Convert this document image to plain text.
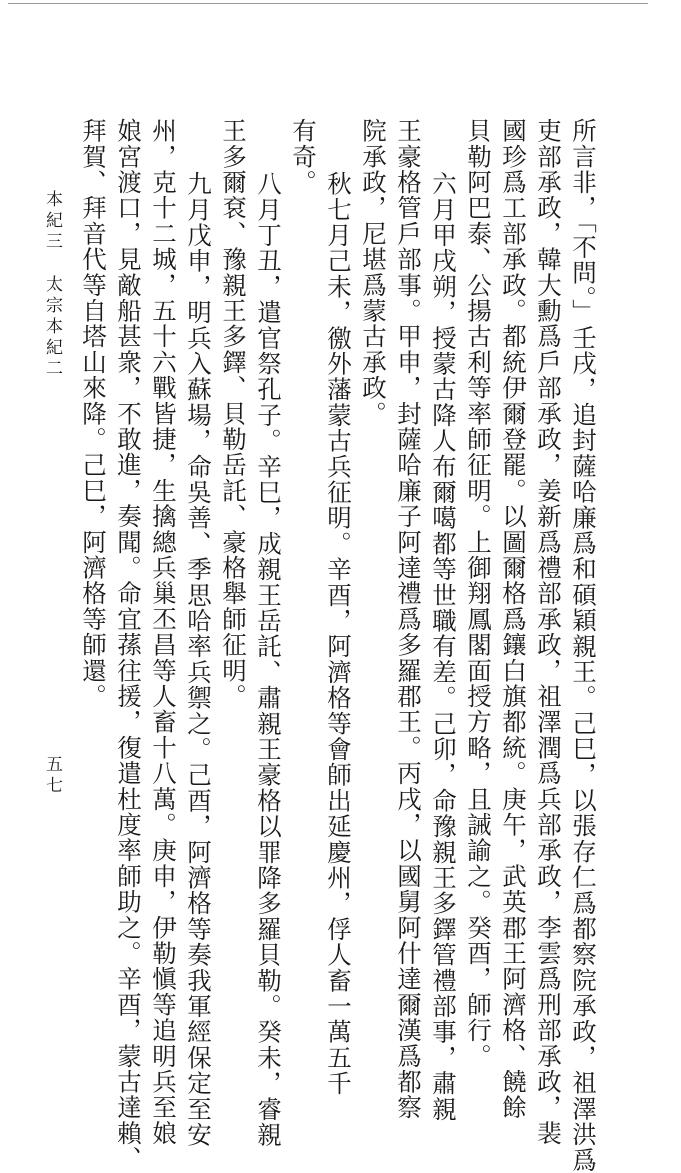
所言非，「不問。」壬戌，追封薩哈廉爲和碩穎親王。己巳，以張存仁爲都察院承政，祖澤洪爲
吏部承政，韓大勳爲戶部承政，姜新爲禮部承政，祖澤潤爲兵部承政，李雲爲刑部承政，裴
國珍爲工部承政。都統伊爾登罷。以圖爾格爲鑲白旗都統。庚午，武英郡王阿濟格、饒餘
貝勒阿巴泰、公揚古利等率師征明。上御翔鳳閣面授方略，且誡諭之。癸酉，師行。
六月甲戌朔，授蒙古降人布爾噶都等世職有差。己卯，命豫親王多鐸管禮部事，肅親
王豪格管戶部事。甲申，封薩哈廉子阿達禮爲多羅郡王。丙戌，以國舅阿什達爾漢爲都察
院承政，尼堪爲蒙古承政。
秋七月己未，徼外藩蒙古兵征明。辛酉，阿濟格等會師出延慶州，俘人畜一萬五千
有奇。
八月丁丑，遣官祭孔子。辛巳，成親王岳託、肅親王豪格以罪降多羅貝勒。癸未，睿親
王多爾袞、豫親王多鐸、貝勒岳託、豪格舉師征明。
九月戊申，明兵入蘇場，命吳善、季思哈率兵禦之。己酉，阿濟格等奏我軍經保定至安
州，克十二城，五十六戰皆捷，生擒總兵巢丕昌等人畜十八萬。庚申，伊勒愼等追明兵至娘
娘宮渡口，見敵船甚衆，不敢進，奏聞。命宜蓀往援，復遣杜度率師助之。辛酉，蒙古達賴、
拜賀、拜音代等自塔山來降。己巳，阿濟格等師還。
本紀三
太宗本紀二
五七
